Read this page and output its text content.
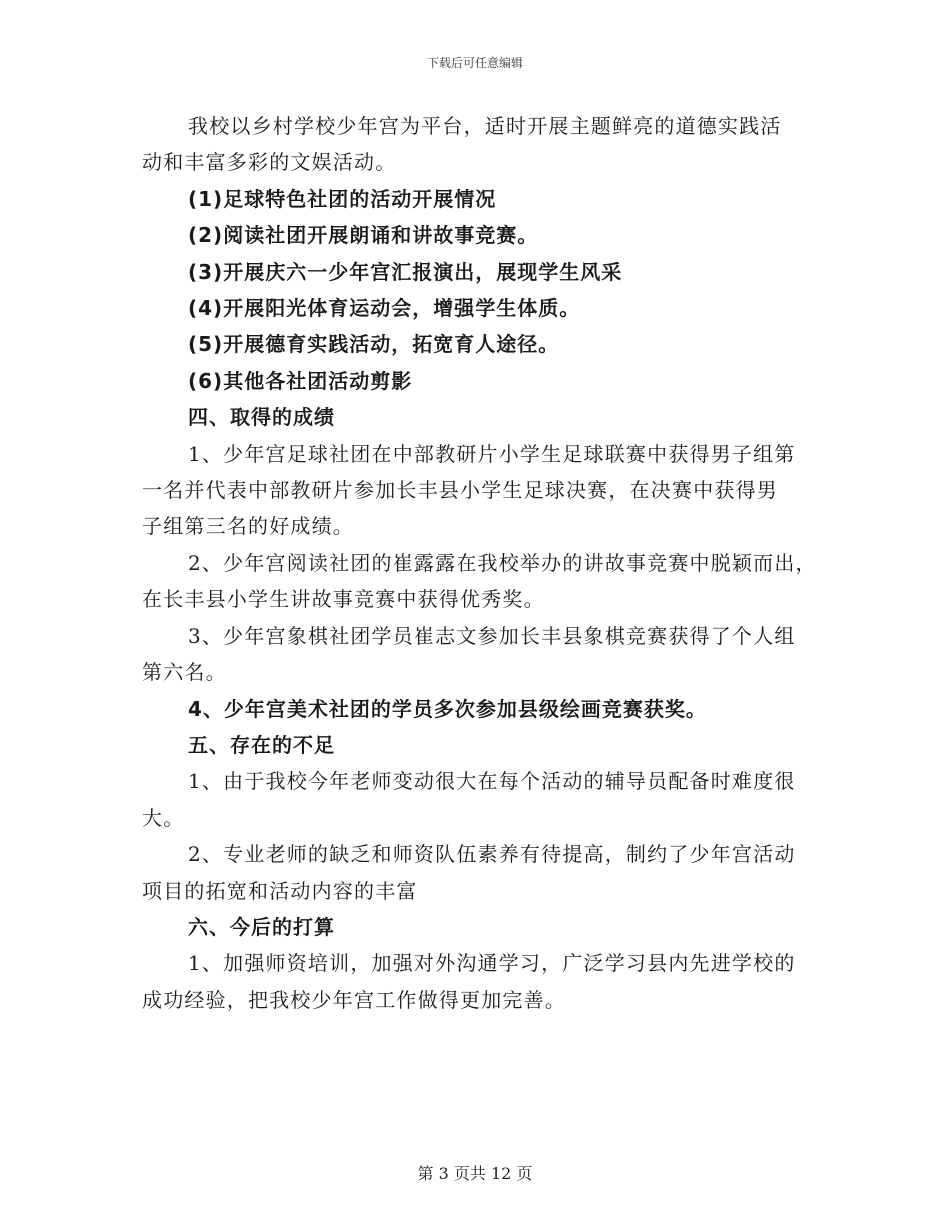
下载后可任意编辑
我校以乡村学校少年宫为平台，适时开展主题鲜亮的道德实践活
动和丰富多彩的文娱活动。
(1)足球特色社团的活动开展情况
(2)阅读社团开展朗诵和讲故事竞赛。
(3)开展庆六一少年宫汇报演出，展现学生风采
(4)开展阳光体育运动会，增强学生体质。
(5)开展德育实践活动，拓宽育人途径。
(6)其他各社团活动剪影
四、取得的成绩
1、少年宫足球社团在中部教研片小学生足球联赛中获得男子组第
一名并代表中部教研片参加长丰县小学生足球决赛，在决赛中获得男
子组第三名的好成绩。
2、少年宫阅读社团的崔露露在我校举办的讲故事竞赛中脱颖而出，
在长丰县小学生讲故事竞赛中获得优秀奖。
3、少年宫象棋社团学员崔志文参加长丰县象棋竞赛获得了个人组
第六名。
4、少年宫美术社团的学员多次参加县级绘画竞赛获奖。
五、存在的不足
1、由于我校今年老师变动很大在每个活动的辅导员配备时难度很
大。
2、专业老师的缺乏和师资队伍素养有待提高，制约了少年宫活动
项目的拓宽和活动内容的丰富
六、今后的打算
1、加强师资培训，加强对外沟通学习，广泛学习县内先进学校的
成功经验，把我校少年宫工作做得更加完善。
第 3 页共 12 页
